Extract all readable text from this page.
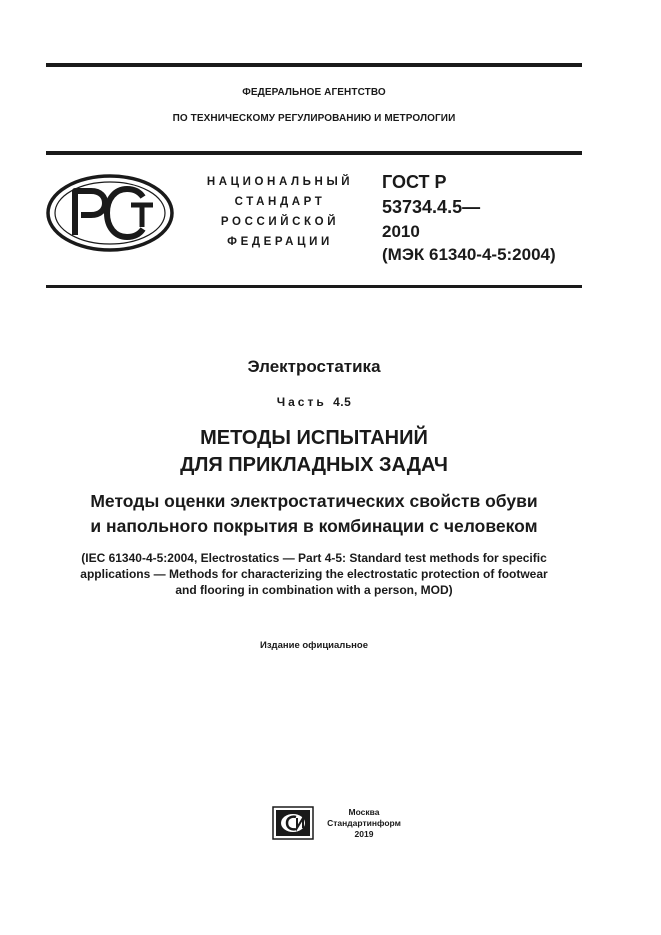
ФЕДЕРАЛЬНОЕ АГЕНТСТВО
ПО ТЕХНИЧЕСКОМУ РЕГУЛИРОВАНИЮ И МЕТРОЛОГИИ
НАЦИОНАЛЬНЫЙ
СТАНДАРТ
РОССИЙСКОЙ
ФЕДЕРАЦИИ
ГОСТ Р
53734.4.5—
2010
(МЭК 61340-4-5:2004)
Электростатика
Часть 4.5
МЕТОДЫ ИСПЫТАНИЙ
ДЛЯ ПРИКЛАДНЫХ ЗАДАЧ
Методы оценки электростатических свойств обуви
и напольного покрытия в комбинации с человеком
(IEC 61340-4-5:2004, Electrostatics — Part 4-5: Standard test methods for specific
applications — Methods for characterizing the electrostatic protection of footwear
and flooring in combination with a person, MOD)
Издание официальное
Москва
Стандартинформ
2019
